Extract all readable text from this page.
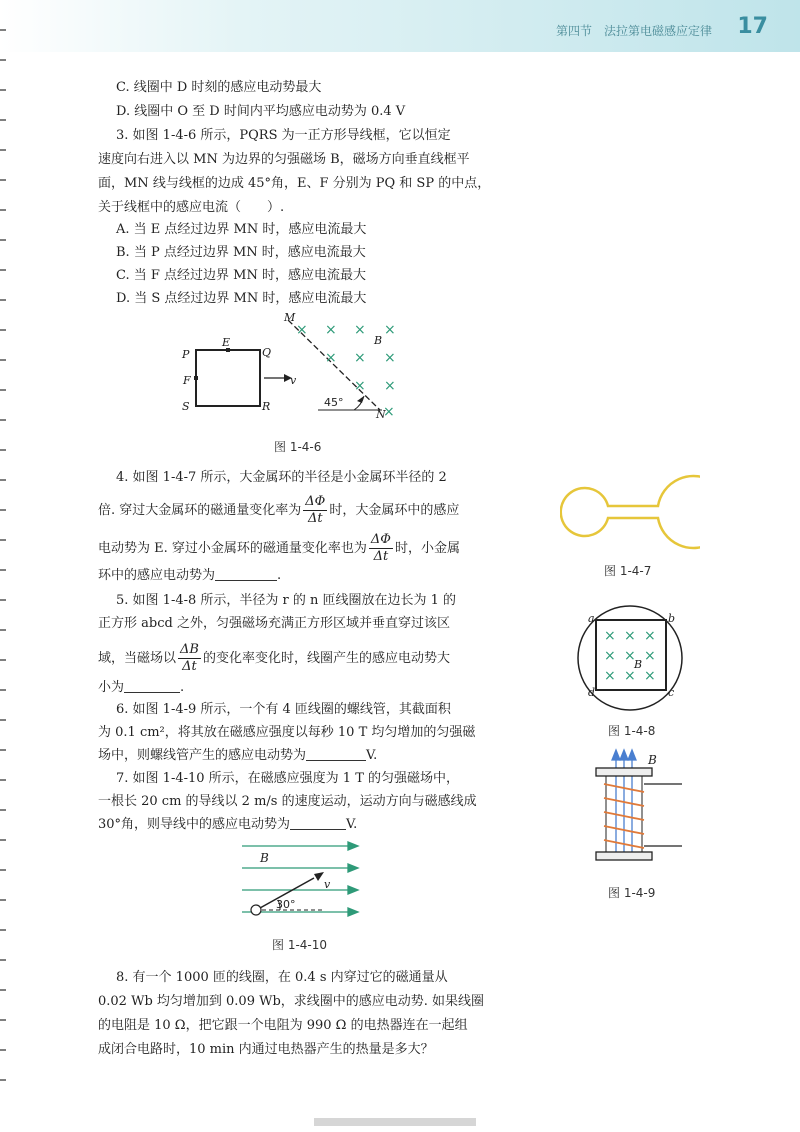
第四节　法拉第电磁感应定律 17
C. 线圈中 D 时刻的感应电动势最大
D. 线圈中 O 至 D 时间内平均感应电动势为 0.4 V
3. 如图 1-4-6 所示，PQRS 为一正方形导线框，它以恒定
速度向右进入以 MN 为边界的匀强磁场 B，磁场方向垂直线框平
面，MN 线与线框的边成 45°角，E、F 分别为 PQ 和 SP 的中点，
关于线框中的感应电流（　　）.
A. 当 E 点经过边界 MN 时，感应电流最大
B. 当 P 点经过边界 MN 时，感应电流最大
C. 当 F 点经过边界 MN 时，感应电流最大
D. 当 S 点经过边界 MN 时，感应电流最大
× × × ×
× × ×
× ×
×
P
E
Q
F
S	R
v
M
N
B
45°
图 1-4-6
4. 如图 1-4-7 所示，大金属环的半径是小金属环半径的 2
倍. 穿过大金属环的磁通量变化率为 $\frac{\Delta\Phi}{\Delta t}$ 时，大金属环中的感应
电动势为 E. 穿过小金属环的磁通量变化率也为 $\frac{\Delta\Phi}{\Delta t}$ 时，小金属
环中的感应电动势为	.
5. 如图 1-4-8 所示，半径为 r 的 n 匝线圈放在边长为 1 的
正方形 abcd 之外，匀强磁场充满正方形区域并垂直穿过该区
域，当磁场以 $\frac{\Delta B}{\Delta t}$ 的变化率变化时，线圈产生的感应电动势大
小为	.
6. 如图 1-4-9 所示，一个有 4 匝线圈的螺线管，其截面积
为 0.1 cm²，将其放在磁感应强度以每秒 10 T 均匀增加的匀强磁
场中，则螺线管产生的感应电动势为	V.
7. 如图 1-4-10 所示，在磁感应强度为 1 T 的匀强磁场中，
一根长 20 cm 的导线以 2 m/s 的速度运动，运动方向与磁感线成
30°角，则导线中的感应电动势为	V.
B
v
30°
图 1-4-10
8. 有一个 1000 匝的线圈，在 0.4 s 内穿过它的磁通量从
0.02 Wb 均匀增加到 0.09 Wb，求线圈中的感应电动势. 如果线圈
的电阻是 10 Ω，把它跟一个电阻为 990 Ω 的电热器连在一起组
成闭合电路时，10 min 内通过电热器产生的热量是多大？
图 1-4-7
× × ×
× × ×
× × ×
a	b
c
d
B
图 1-4-8
B
图 1-4-9
